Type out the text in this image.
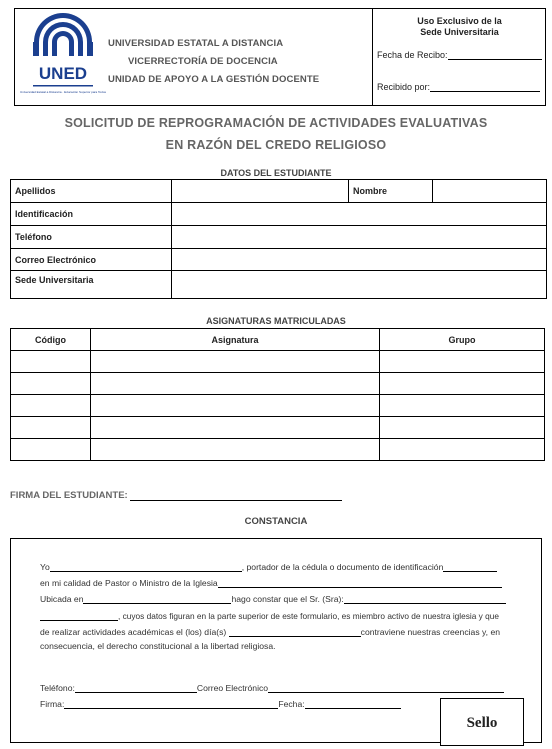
UNED
Universidad Estatal a Distancia · Educación Superior para Todos
UNIVERSIDAD ESTATAL A DISTANCIA
VICERRECTORÍA DE DOCENCIA
UNIDAD DE APOYO A LA GESTIÓN DOCENTE
Uso Exclusivo de la
Sede Universitaria
Fecha de Recibo:
Recibido por:
SOLICITUD DE REPROGRAMACIÓN DE ACTIVIDADES EVALUATIVAS
EN RAZÓN DEL CREDO RELIGIOSO
DATOS DEL ESTUDIANTE
Apellidos		Nombre	
Identificación			
Teléfono			
Correo Electrónico			
Sede Universitaria			
ASIGNATURAS MATRICULADAS
Código	Asignatura	Grupo

FIRMA DEL ESTUDIANTE:
CONSTANCIA
Yo	, portador de la cédula o documento de identificación
en mi calidad de Pastor o Ministro de la Iglesia
Ubicada en	hago constar que el Sr. (Sra):
, cuyos datos figuran en la parte superior de este formulario, es miembro activo de nuestra iglesia y que
de realizar actividades académicas el (los) día(s)	contraviene nuestras creencias y, en
consecuencia, el derecho constitucional a la libertad religiosa.
Teléfono:	Correo Electrónico
Firma:	Fecha:
Sello
